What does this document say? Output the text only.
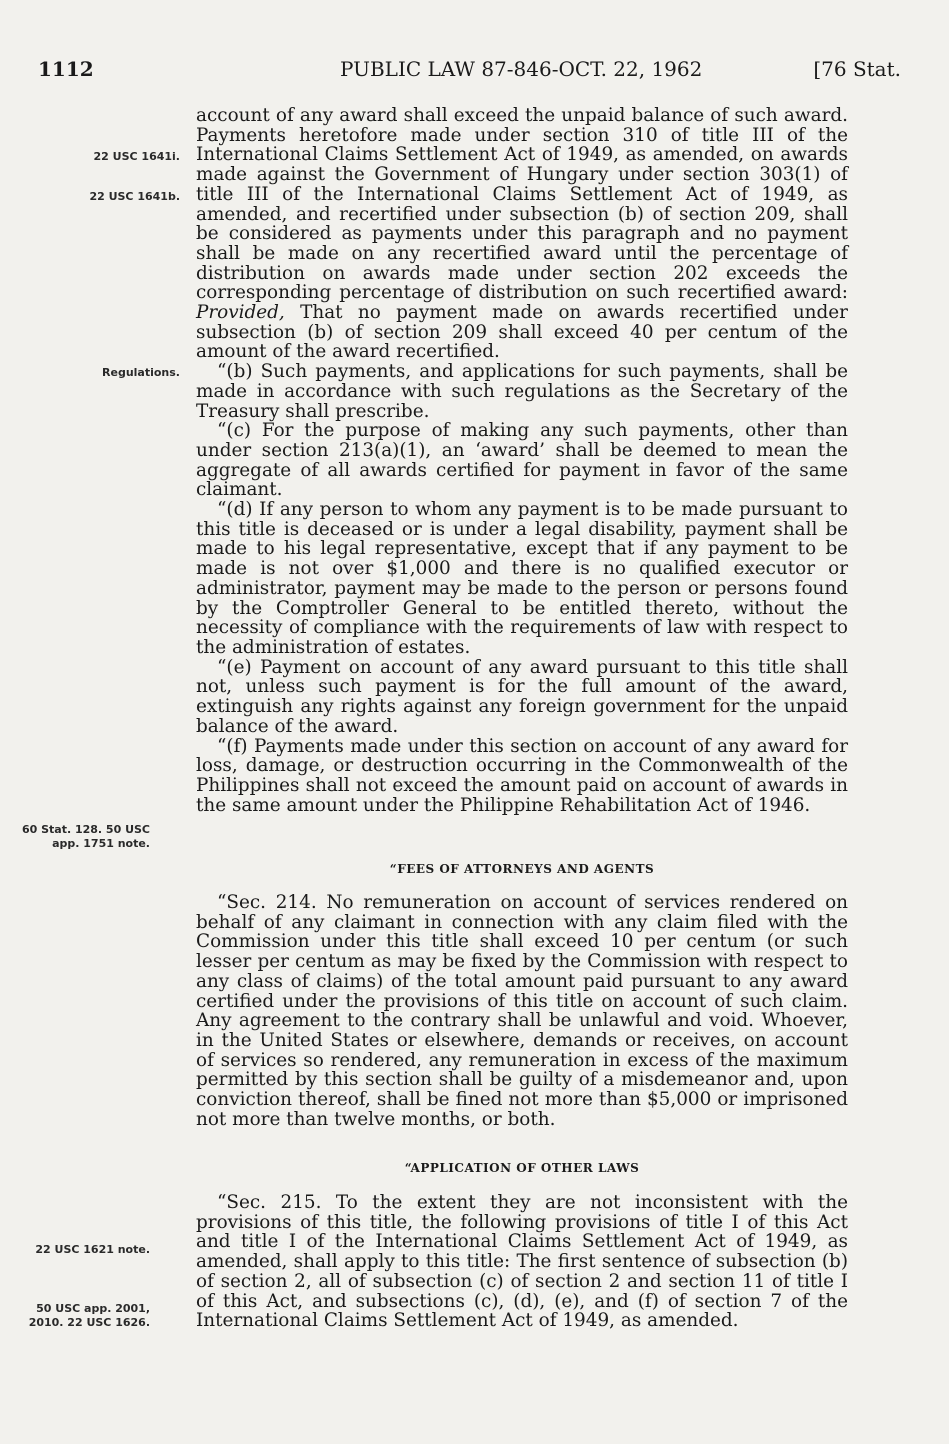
1112	PUBLIC LAW 87-846-OCT. 22, 1962	[76 Stat.
22 USC 1641i.
22 USC 1641b.
Regulations.
60 Stat. 128. 50 USC app. 1751 note.
22 USC 1621 note.
50 USC app. 2001, 2010. 22 USC 1626.

account of any award shall exceed the unpaid balance of such award. Payments heretofore made under section 310 of title III of the International Claims Settlement Act of 1949, as amended, on awards made against the Government of Hungary under section 303(1) of title III of the International Claims Settlement Act of 1949, as amended, and recertified under subsection (b) of section 209, shall be considered as payments under this paragraph and no payment shall be made on any recertified award until the percentage of distribution on awards made under section 202 exceeds the corresponding percentage of distribution on such recertified award: Provided, That no payment made on awards recertified under subsection (b) of section 209 shall exceed 40 per centum of the amount of the award recertified.

“(b) Such payments, and applications for such payments, shall be made in accordance with such regulations as the Secretary of the Treasury shall prescribe.

“(c) For the purpose of making any such payments, other than under section 213(a)(1), an ‘award’ shall be deemed to mean the aggregate of all awards certified for payment in favor of the same claimant.

“(d) If any person to whom any payment is to be made pursuant to this title is deceased or is under a legal disability, payment shall be made to his legal representative, except that if any payment to be made is not over $1,000 and there is no qualified executor or administrator, payment may be made to the person or persons found by the Comptroller General to be entitled thereto, without the necessity of compliance with the requirements of law with respect to the administration of estates.

“(e) Payment on account of any award pursuant to this title shall not, unless such payment is for the full amount of the award, extinguish any rights against any foreign government for the unpaid balance of the award.

“(f) Payments made under this section on account of any award for loss, damage, or destruction occurring in the Commonwealth of the Philippines shall not exceed the amount paid on account of awards in the same amount under the Philippine Rehabilitation Act of 1946.

“FEES OF ATTORNEYS AND AGENTS

“Sec. 214. No remuneration on account of services rendered on behalf of any claimant in connection with any claim filed with the Commission under this title shall exceed 10 per centum (or such lesser per centum as may be fixed by the Commission with respect to any class of claims) of the total amount paid pursuant to any award certified under the provisions of this title on account of such claim. Any agreement to the contrary shall be unlawful and void. Whoever, in the United States or elsewhere, demands or receives, on account of services so rendered, any remuneration in excess of the maximum permitted by this section shall be guilty of a misdemeanor and, upon conviction thereof, shall be fined not more than $5,000 or imprisoned not more than twelve months, or both.

“APPLICATION OF OTHER LAWS

“Sec. 215. To the extent they are not inconsistent with the provisions of this title, the following provisions of title I of this Act and title I of the International Claims Settlement Act of 1949, as amended, shall apply to this title: The first sentence of subsection (b) of section 2, all of subsection (c) of section 2 and section 11 of title I of this Act, and subsections (c), (d), (e), and (f) of section 7 of the International Claims Settlement Act of 1949, as amended.
